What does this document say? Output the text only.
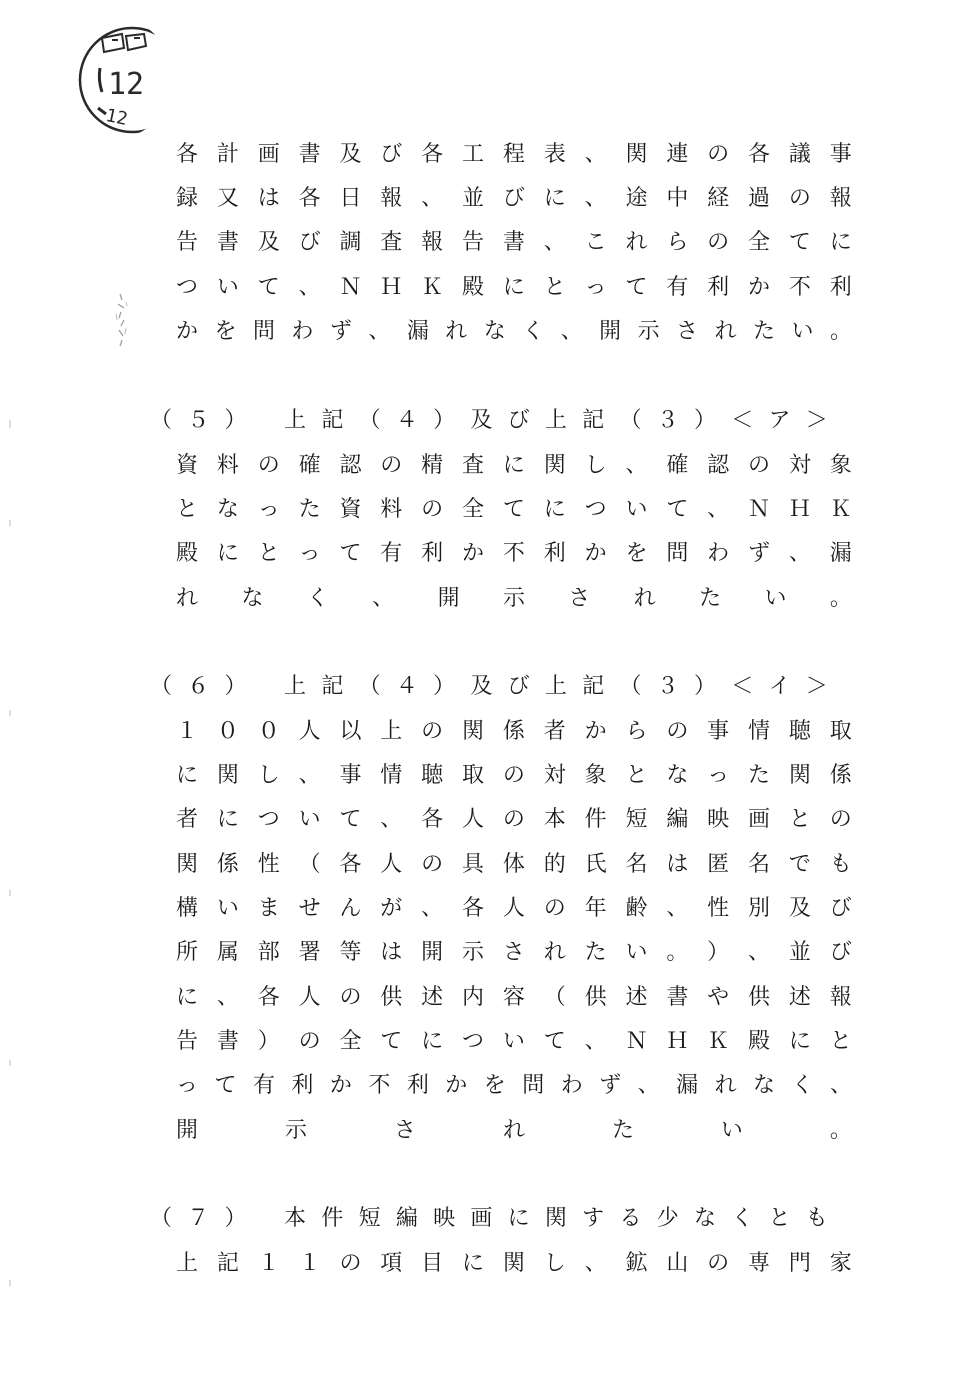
12
12
各 計 画 書 及 び 各 工 程 表 、 関 連 の 各 議 事
録 又 は 各 日 報 、 並 び に 、 途 中 経 過 の 報
告 書 及 び 調 査 報 告 書 、 こ れ ら の 全 て に
つ い て 、 Ｎ Ｈ Ｋ 殿 に と っ て 有 利 か 不 利
か を 問 わ ず 、 漏 れ な く 、 開 示 さ れ た い 。
（ ５ ）
上 記 （ ４ ） 及 び 上 記 （ ３ ） ＜ ア ＞
資 料 の 確 認 の 精 査 に 関 し 、 確 認 の 対 象
と な っ た 資 料 の 全 て に つ い て 、 Ｎ Ｈ Ｋ
殿 に と っ て 有 利 か 不 利 か を 問 わ ず 、 漏
れ な く 、 開 示 さ れ た い 。
（ ６ ）
上 記 （ ４ ） 及 び 上 記 （ ３ ） ＜ イ ＞
１ ０ ０ 人 以 上 の 関 係 者 か ら の 事 情 聴 取
に 関 し 、 事 情 聴 取 の 対 象 と な っ た 関 係
者 に つ い て 、 各 人 の 本 件 短 編 映 画 と の
関 係 性 （ 各 人 の 具 体 的 氏 名 は 匿 名 で も
構 い ま せ ん が 、 各 人 の 年 齢 、 性 別 及 び
所 属 部 署 等 は 開 示 さ れ た い 。 ） 、 並 び
に 、 各 人 の 供 述 内 容 （ 供 述 書 や 供 述 報
告 書 ） の 全 て に つ い て 、 Ｎ Ｈ Ｋ 殿 に と
っ て 有 利 か 不 利 か を 問 わ ず 、 漏 れ な く 、
開	示	さ	れ	た	い	。
（ ７ ）
本 件 短 編 映 画 に 関 す る 少 な く と も
上 記 １ １ の 項 目 に 関 し 、 鉱 山 の 専 門 家
